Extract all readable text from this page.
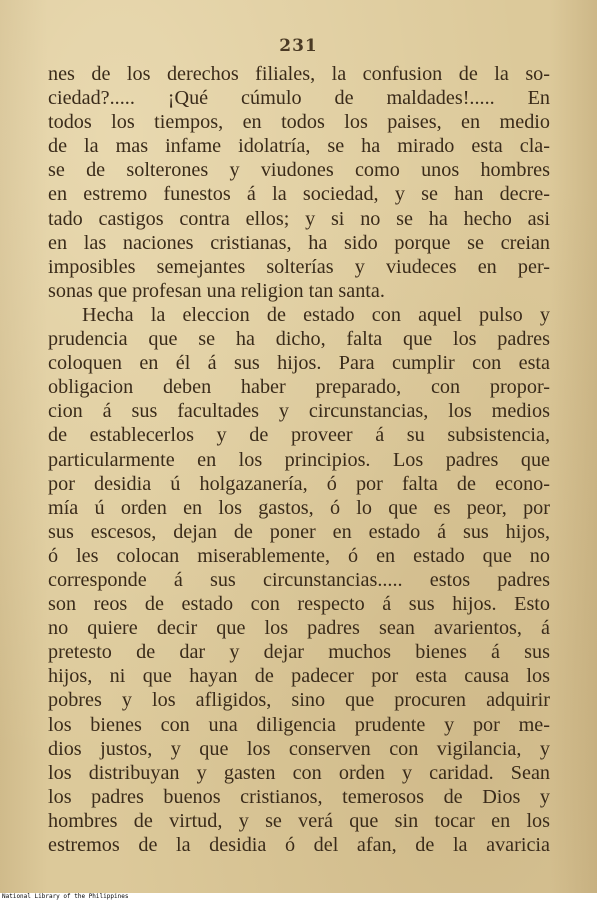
231
nes de los derechos filiales, la confusion de la so-
ciedad?..... ¡Qué cúmulo de maldades!..... En
todos los tiempos, en todos los paises, en medio
de la mas infame idolatría, se ha mirado esta cla-
se de solterones y viudones como unos hombres
en estremo funestos á la sociedad, y se han decre-
tado castigos contra ellos; y si no se ha hecho asi
en las naciones cristianas, ha sido porque se creian
imposibles semejantes solterías y viudeces en per-
sonas que profesan una religion tan santa.
Hecha la eleccion de estado con aquel pulso y
prudencia que se ha dicho, falta que los padres
coloquen en él á sus hijos. Para cumplir con esta
obligacion deben haber preparado, con propor-
cion á sus facultades y circunstancias, los medios
de establecerlos y de proveer á su subsistencia,
particularmente en los principios. Los padres que
por desidia ú holgazanería, ó por falta de econo-
mía ú orden en los gastos, ó lo que es peor, por
sus escesos, dejan de poner en estado á sus hijos,
ó les colocan miserablemente, ó en estado que no
corresponde á sus circunstancias..... estos padres
son reos de estado con respecto á sus hijos. Esto
no quiere decir que los padres sean avarientos, á
pretesto de dar y dejar muchos bienes á sus
hijos, ni que hayan de padecer por esta causa los
pobres y los afligidos, sino que procuren adquirir
los bienes con una diligencia prudente y por me-
dios justos, y que los conserven con vigilancia, y
los distribuyan y gasten con orden y caridad. Sean
los padres buenos cristianos, temerosos de Dios y
hombres de virtud, y se verá que sin tocar en los
estremos de la desidia ó del afan, de la avaricia
National Library of the Philippines
